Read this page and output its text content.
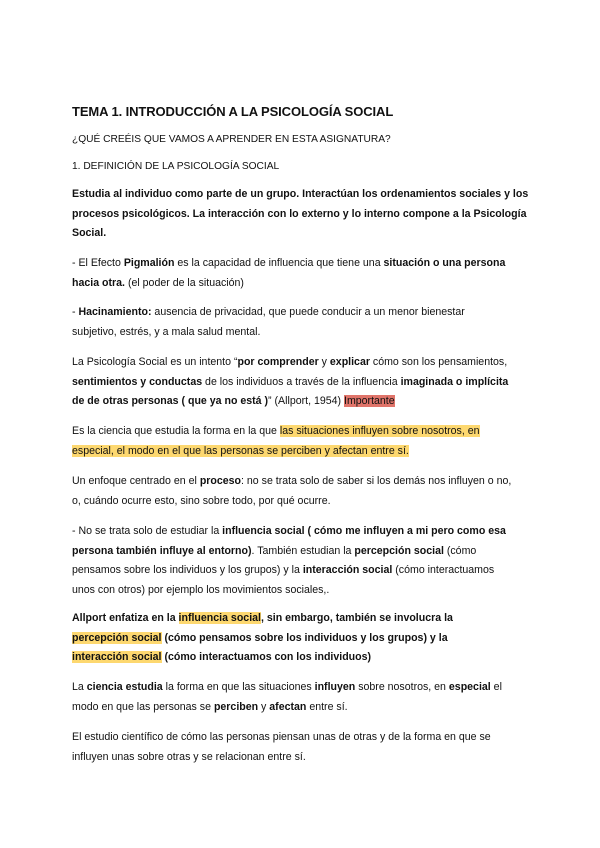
TEMA 1. INTRODUCCIÓN A LA PSICOLOGÍA SOCIAL
¿QUÉ CREÉIS QUE VAMOS A APRENDER EN ESTA ASIGNATURA?
1. DEFINICIÓN DE LA PSICOLOGÍA SOCIAL
Estudia al individuo como parte de un grupo. Interactúan los ordenamientos sociales y los
procesos psicológicos. La interacción con lo externo y lo interno compone a la Psicología
Social.
- El Efecto Pigmalión es la capacidad de influencia que tiene una situación o una persona
hacia otra. (el poder de la situación)
- Hacinamiento: ausencia de privacidad, que puede conducir a un menor bienestar
subjetivo, estrés, y a mala salud mental.
La Psicología Social es un intento “por comprender y explicar cómo son los pensamientos,
sentimientos y conductas de los individuos a través de la influencia imaginada o implícita
de de otras personas ( que ya no está )” (Allport, 1954) Importante
Es la ciencia que estudia la forma en la que las situaciones influyen sobre nosotros, en
especial, el modo en el que las personas se perciben y afectan entre sí.
Un enfoque centrado en el proceso: no se trata solo de saber si los demás nos influyen o no,
o, cuándo ocurre esto, sino sobre todo, por qué ocurre.
- No se trata solo de estudiar la influencia social ( cómo me influyen a mi pero como esa
persona también influye al entorno). También estudian la percepción social (cómo
pensamos sobre los individuos y los grupos) y la interacción social (cómo interactuamos
unos con otros) por ejemplo los movimientos sociales,.
Allport enfatiza en la influencia social, sin embargo, también se involucra la
percepción social (cómo pensamos sobre los individuos y los grupos) y la
interacción social (cómo interactuamos con los individuos)
La ciencia estudia la forma en que las situaciones influyen sobre nosotros, en especial el
modo en que las personas se perciben y afectan entre sí.
El estudio científico de cómo las personas piensan unas de otras y de la forma en que se
influyen unas sobre otras y se relacionan entre sí.
